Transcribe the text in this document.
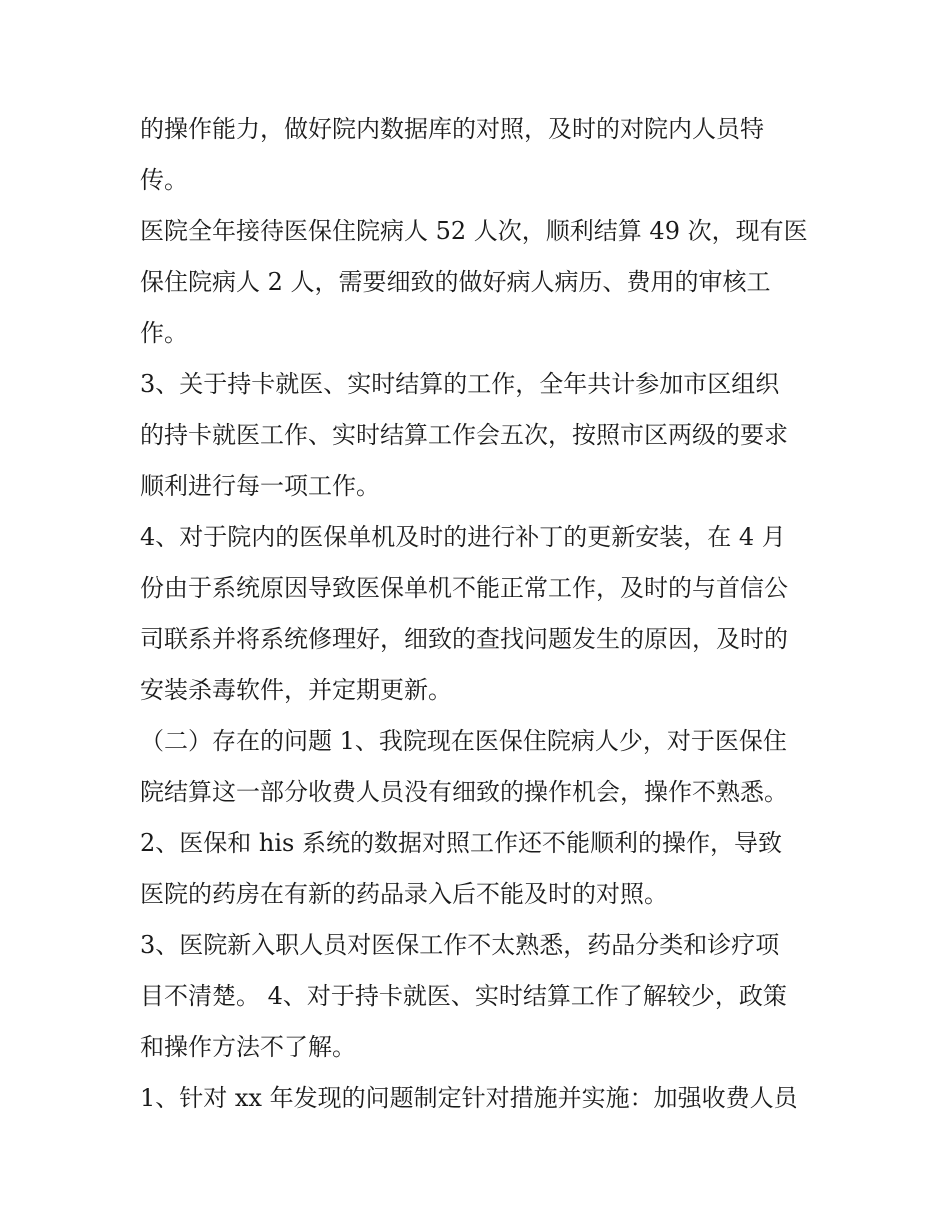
的操作能力，做好院内数据库的对照，及时的对院内人员特
传。
医院全年接待医保住院病人 52 人次，顺利结算 49 次，现有医
保住院病人 2 人，需要细致的做好病人病历、费用的审核工
作。
3、关于持卡就医、实时结算的工作，全年共计参加市区组织
的持卡就医工作、实时结算工作会五次，按照市区两级的要求
顺利进行每一项工作。
4、对于院内的医保单机及时的进行补丁的更新安装，在 4 月
份由于系统原因导致医保单机不能正常工作，及时的与首信公
司联系并将系统修理好，细致的查找问题发生的原因，及时的
安装杀毒软件，并定期更新。
（二）存在的问题 1、我院现在医保住院病人少，对于医保住
院结算这一部分收费人员没有细致的操作机会，操作不熟悉。
2、医保和 his 系统的数据对照工作还不能顺利的操作，导致
医院的药房在有新的药品录入后不能及时的对照。
3、医院新入职人员对医保工作不太熟悉，药品分类和诊疗项
目不清楚。 4、对于持卡就医、实时结算工作了解较少，政策
和操作方法不了解。
1、针对 xx 年发现的问题制定针对措施并实施：加强收费人员
